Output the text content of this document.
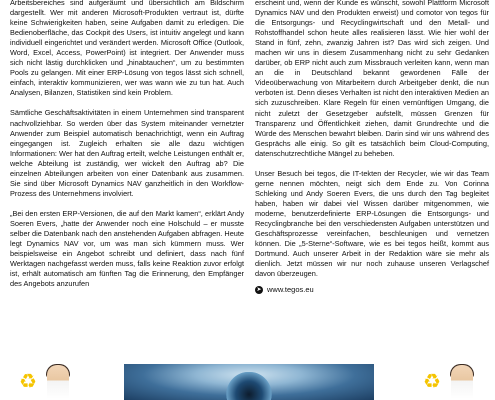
Arbeitsbereiches sind aufgeräumt und übersichtlich am Bildschirm dargestellt. Wer mit anderen Microsoft-Produkten vertraut ist, dürfte keine Schwierigkeiten haben, seine Aufgaben damit zu erledigen. Die Bedienoberfläche, das Cockpit des Users, ist intuitiv angelegt und kann individuell eingerichtet und verändert werden. Microsoft Office (Outlook, Word, Excel, Access, PowerPoint) ist integriert. Der Anwender muss sich nicht lästig durchklicken und „hinabtauchen“, um zu bestimmten Pools zu gelangen. Mit einer ERP-Lösung von tegos lässt sich schnell, einfach, interaktiv kommunizieren, wer was wann wie zu tun hat. Auch Analysen, Bilanzen, Statistiken sind kein Problem.

Sämtliche Geschäftsaktivitäten in einem Unternehmen sind transparent nachvollziehbar. So werden über das System miteinander vernetzter Anwender zum Beispiel automatisch benachrichtigt, wenn ein Auftrag eingegangen ist. Zugleich erhalten sie alle dazu wichtigen Informationen: Wer hat den Auftrag erteilt, welche Leistungen enthält er, welche Abteilung ist zuständig, wer wickelt den Auftrag ab? Die einzelnen Abteilungen arbeiten von einer Datenbank aus zusammen. Sie sind über Microsoft Dynamics NAV ganzheitlich in den Workflow-Prozess des Unternehmens involviert.

„Bei den ersten ERP-Versionen, die auf den Markt kamen“, erklärt Andy Soeren Evers, „hatte der Anwender noch eine Holschuld – er musste selber die Datenbank nach den anstehenden Aufgaben abfragen. Heute legt Dynamics NAV vor, um was man sich kümmern muss. Wer beispielsweise ein Angebot schreibt und definiert, dass nach fünf Werktagen nachgefasst werden muss, falls keine Reaktion zuvor erfolgt ist, erhält automatisch am fünften Tag die Erinnerung, den Empfänger des Angebots anzurufen

erscheint und, wenn der Kunde es wünscht, sowohl Plattform Microsoft Dynamics NAV und den Produkten erweist) und comotor von tegos für die Entsorgungs- und Recyclingwirtschaft und den Metall- und Rohstoffhandel schon heute alles realisieren lässt. Wie hier wohl der Stand in fünf, zehn, zwanzig Jahren ist? Das wird sich zeigen. Und machen wir uns in diesem Zusammenhang nicht zu sehr Gedanken darüber, ob ERP nicht auch zum Missbrauch verleiten kann, wenn man an die in Deutschland bekannt gewordenen Fälle der Videoüberwachung von Mitarbeitern durch Arbeitgeber denkt, die nun verboten ist. Denn dieses Verhalten ist nicht den interaktiven Medien an sich zuzuschreiben. Klare Regeln für einen vernünftigen Umgang, die nicht zuletzt der Gesetzgeber aufstellt, müssen Grenzen für Transparenz und Öffentlichkeit ziehen, damit Grundrechte und die Würde des Menschen bewahrt bleiben. Darin sind wir uns während des Gesprächs alle einig. So gilt es tatsächlich beim Cloud-Computing, datenschutzrechtliche Mängel zu beheben.

Unser Besuch bei tegos, die IT-tekten der Recycler, wie wir das Team gerne nennen möchten, neigt sich dem Ende zu. Von Corinna Schleking und Andy Soeren Evers, die uns durch den Tag begleitet haben, haben wir dabei viel Wissen darüber mitgenommen, wie moderne, benutzerdefinierte ERP-Lösungen die Entsorgungs- und Recyclingbranche bei den verschiedensten Aufgaben unterstützen und Geschäftsprozesse vereinfachen, beschleunigen und vernetzen können. Die „5-Sterne“-Software, wie es bei tegos heißt, kommt aus Dortmund. Auch unserer Arbeit in der Redaktion wäre sie mehr als dienlich. Jetzt müssen wir nur noch zuhause unseren Verlagschef davon überzeugen.

➤ www.tegos.eu
♻	♻
